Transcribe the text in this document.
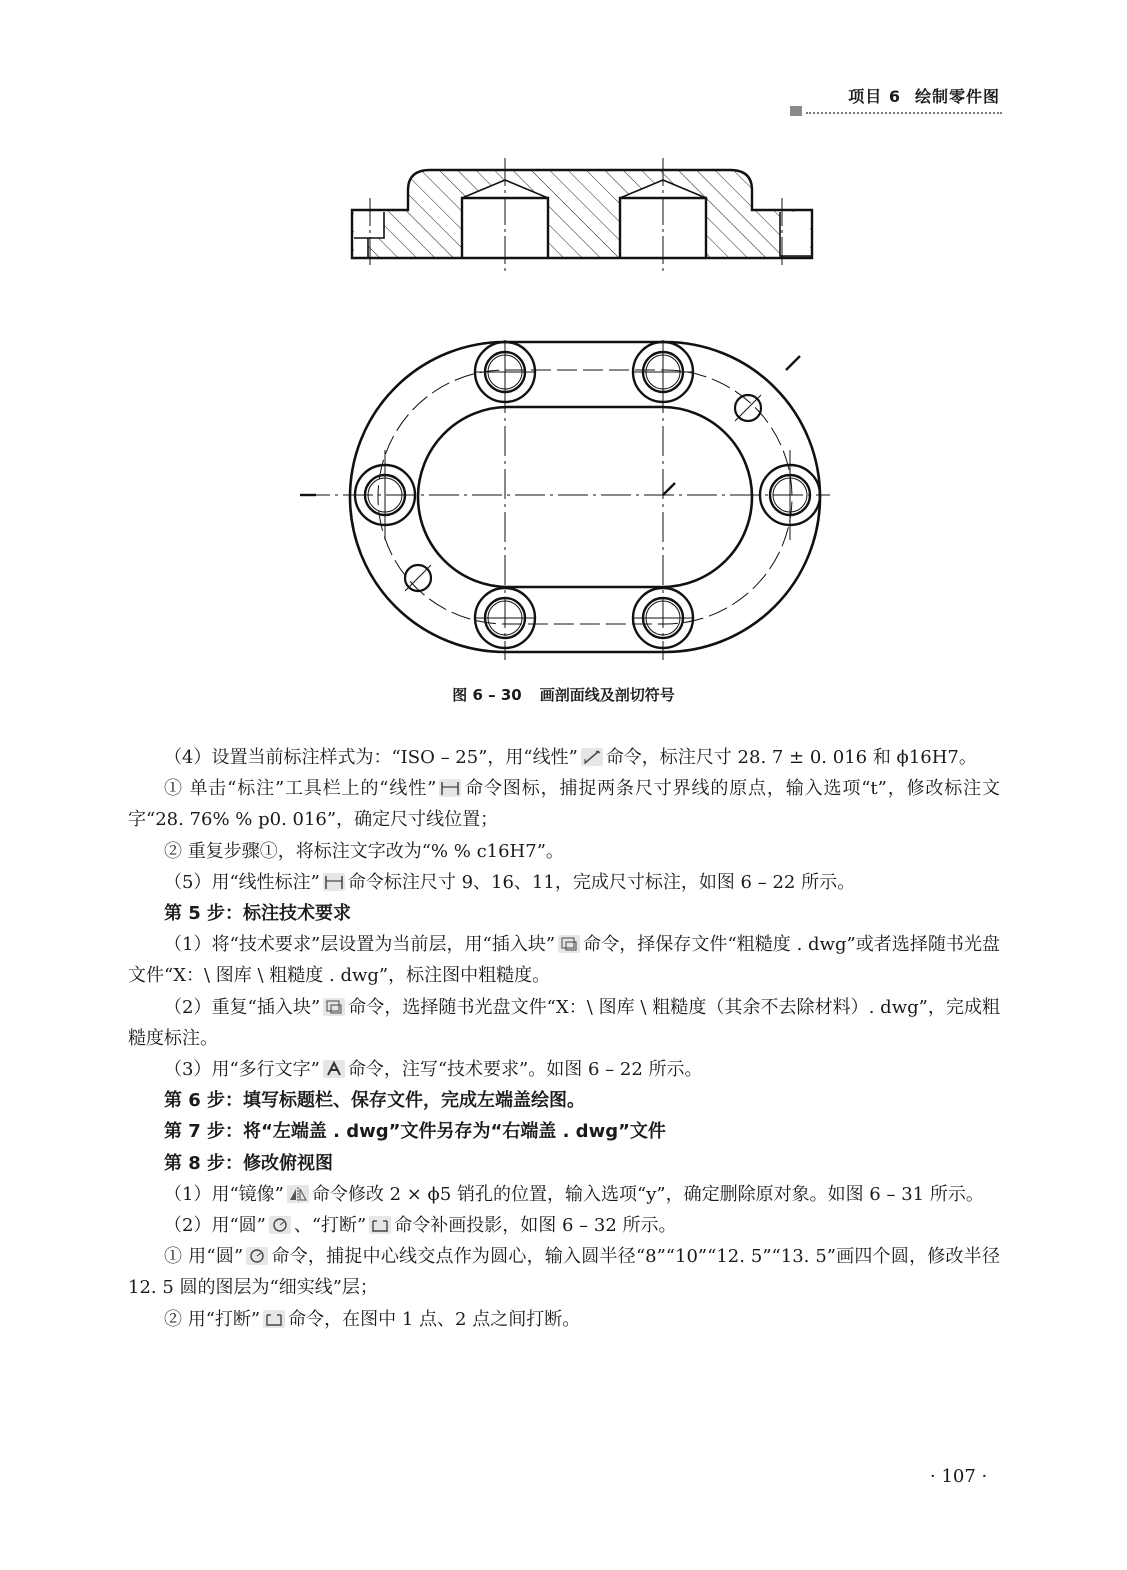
项目 6 绘制零件图
图 6 – 30 画剖面线及剖切符号

（4）设置当前标注样式为：“ISO – 25”，用“线性” 命令，标注尺寸 28. 7 ± 0. 016 和 ϕ16H7。

① 单击“标注”工具栏上的“线性” 命令图标，捕捉两条尺寸界线的原点，输入选项“t”，修改标注文字“28. 76% % p0. 016”，确定尺寸线位置；

② 重复步骤①，将标注文字改为“% % c16H7”。

（5）用“线性标注” 命令标注尺寸 9、16、11，完成尺寸标注，如图 6 – 22 所示。

第 5 步：标注技术要求

（1）将“技术要求”层设置为当前层，用“插入块” 命令，择保存文件“粗糙度 . dwg”或者选择随书光盘文件“X：\ 图库 \ 粗糙度 . dwg”，标注图中粗糙度。

（2）重复“插入块” 命令，选择随书光盘文件“X：\ 图库 \ 粗糙度（其余不去除材料）. dwg”，完成粗糙度标注。

（3）用“多行文字” 命令，注写“技术要求”。如图 6 – 22 所示。

第 6 步：填写标题栏、保存文件，完成左端盖绘图。

第 7 步：将“左端盖 . dwg”文件另存为“右端盖 . dwg”文件

第 8 步：修改俯视图

（1）用“镜像” 命令修改 2 × ϕ5 销孔的位置，输入选项“y”，确定删除原对象。如图 6 – 31 所示。

（2）用“圆” 、“打断” 命令补画投影，如图 6 – 32 所示。

① 用“圆” 命令，捕捉中心线交点作为圆心，输入圆半径“8”“10”“12. 5”“13. 5”画四个圆，修改半径 12. 5 圆的图层为“细实线”层；

② 用“打断” 命令，在图中 1 点、2 点之间打断。

· 107 ·
